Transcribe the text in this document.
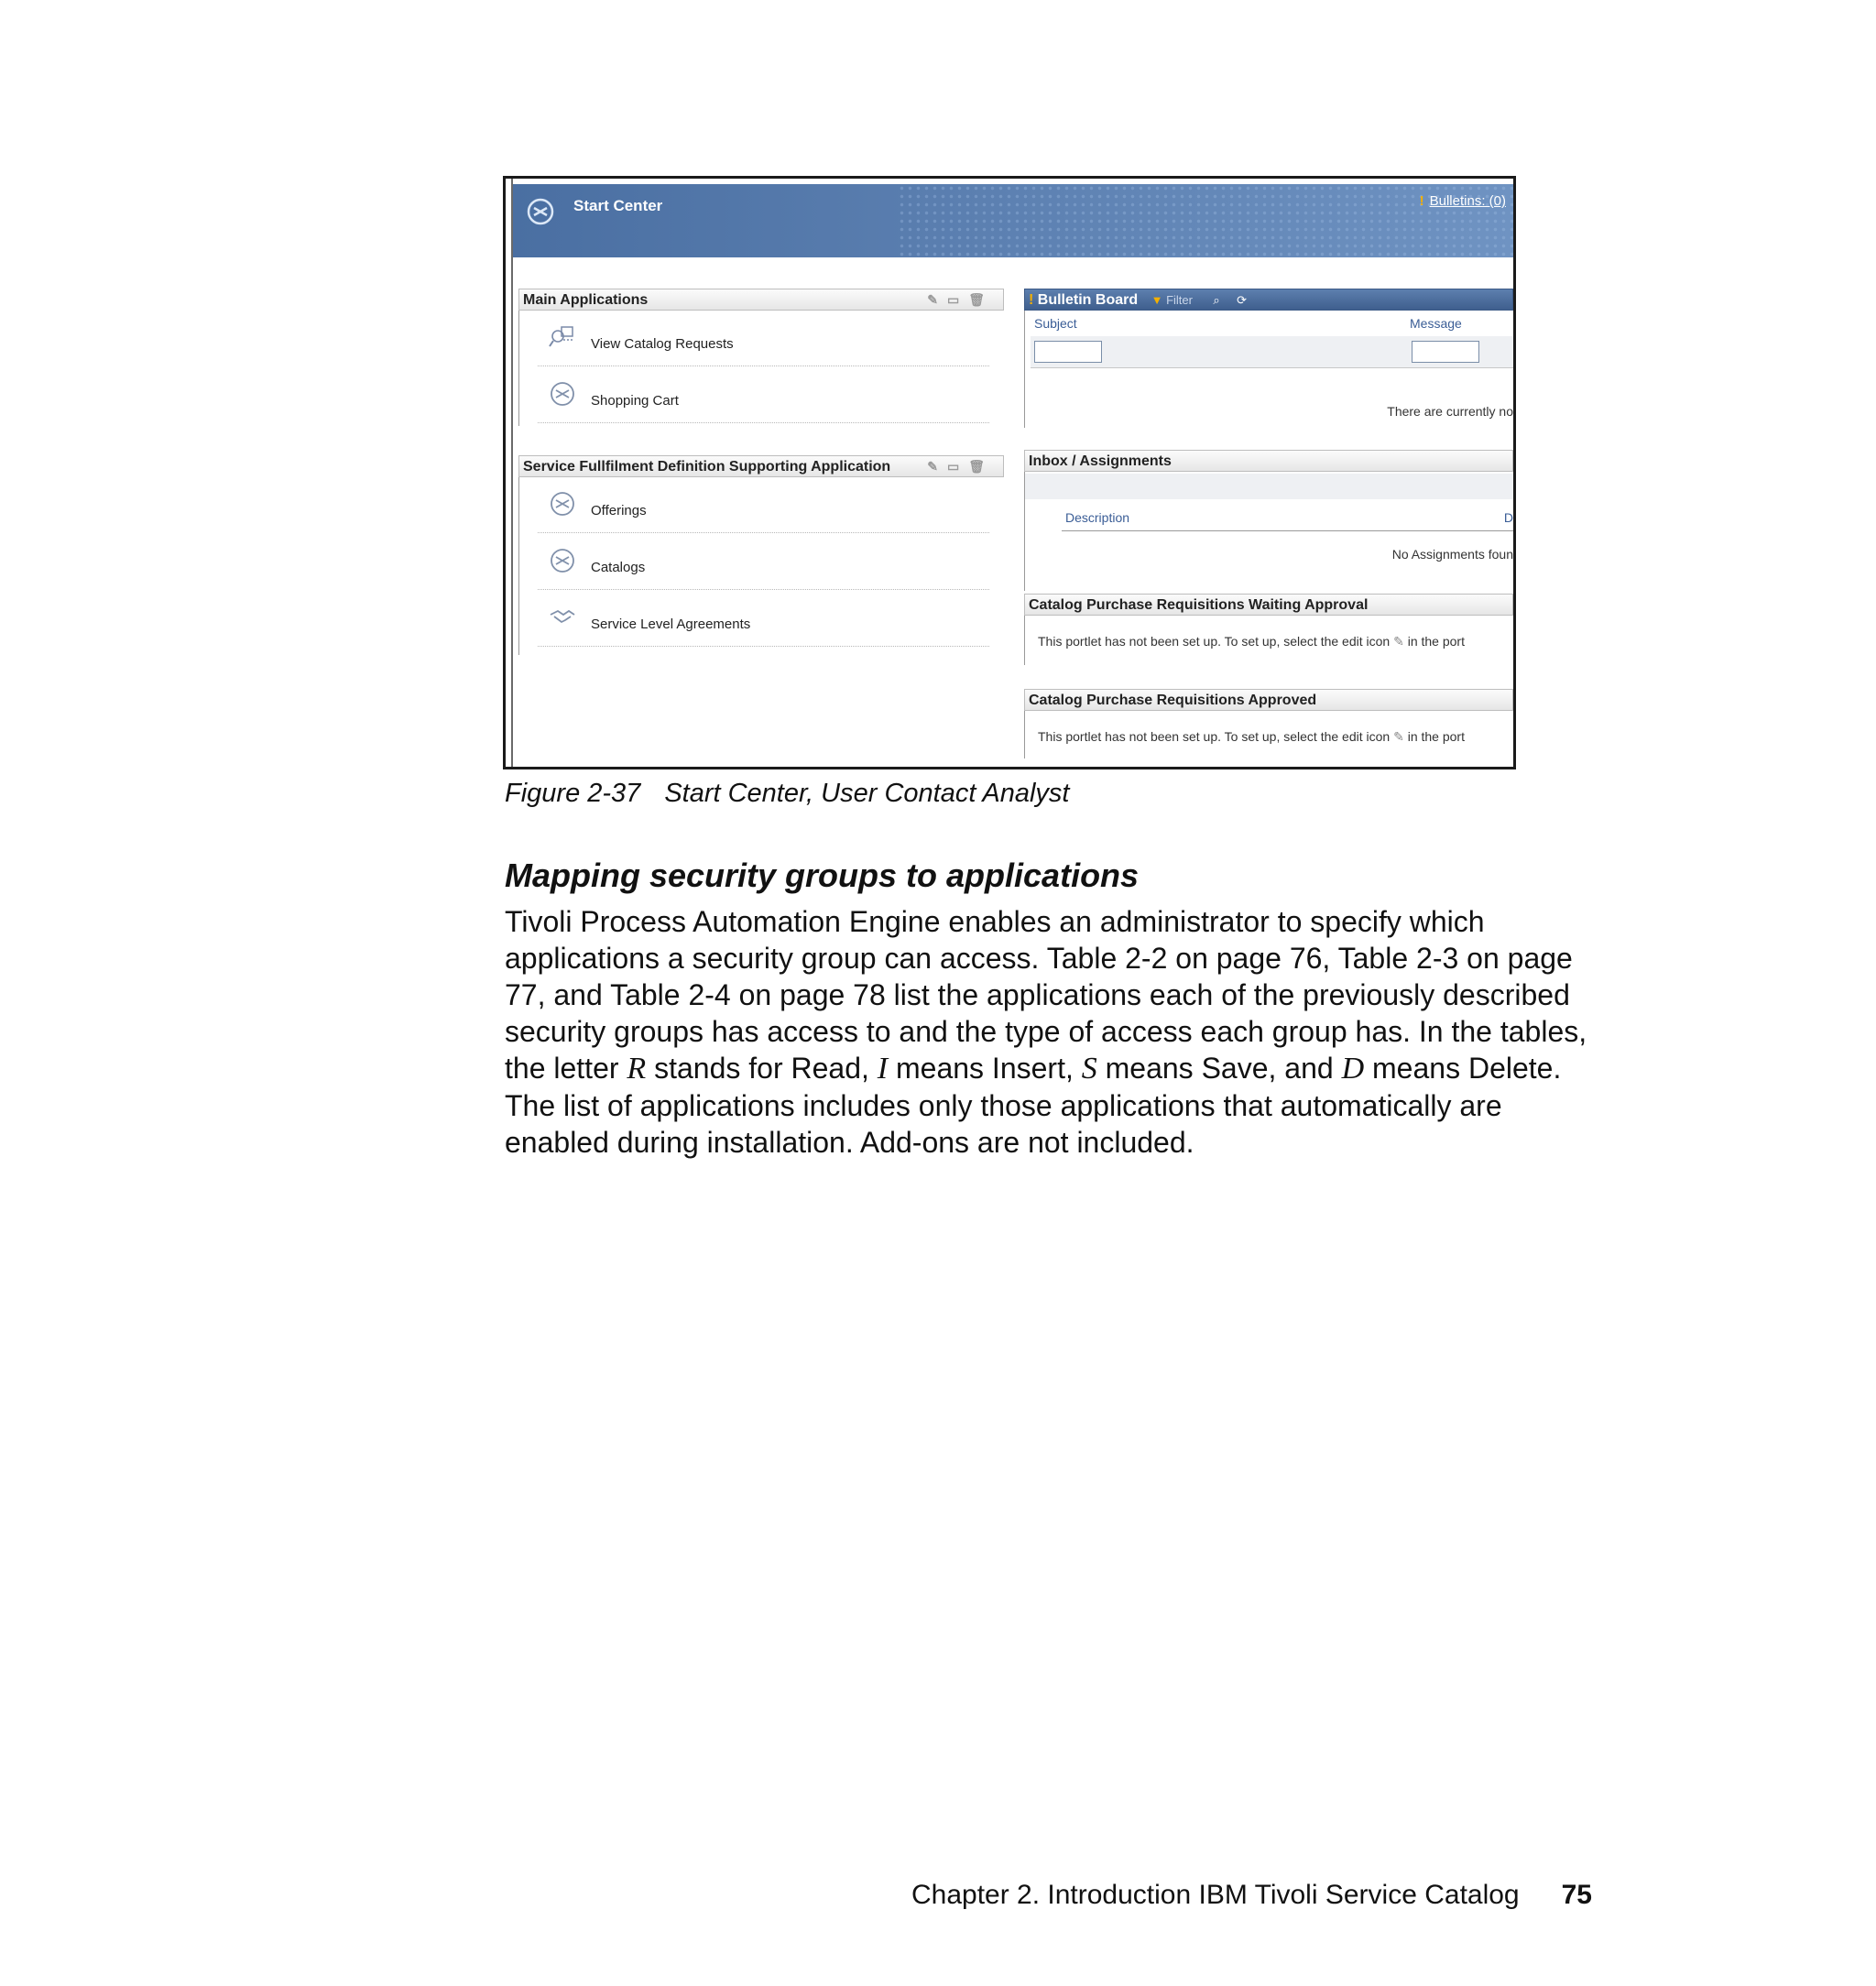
Start Center	! Bulletins: (0)
Main Applications	✎▭🗑
View Catalog Requests
Shopping Cart
Service Fullfilment Definition Supporting Application	✎▭🗑
Offerings
Catalogs
Service Level Agreements
! Bulletin Board ▼ Filter ⌕ ⟳
Subject	Message
There are currently no
Inbox / Assignments
Description	D
No Assignments foun
Catalog Purchase Requisitions Waiting Approval
This portlet has not been set up. To set up, select the edit icon ✎ in the port
Catalog Purchase Requisitions Approved
This portlet has not been set up. To set up, select the edit icon ✎ in the port
Figure 2-37 Start Center, User Contact Analyst
Mapping security groups to applications
Tivoli Process Automation Engine enables an administrator to specify which applications a security group can access. Table 2-2 on page 76, Table 2-3 on page 77, and Table 2-4 on page 78 list the applications each of the previously described security groups has access to and the type of access each group has. In the tables, the letter R stands for Read, I means Insert, S means Save, and D means Delete. The list of applications includes only those applications that automatically are enabled during installation. Add-ons are not included.
Chapter 2. Introduction IBM Tivoli Service Catalog 75
